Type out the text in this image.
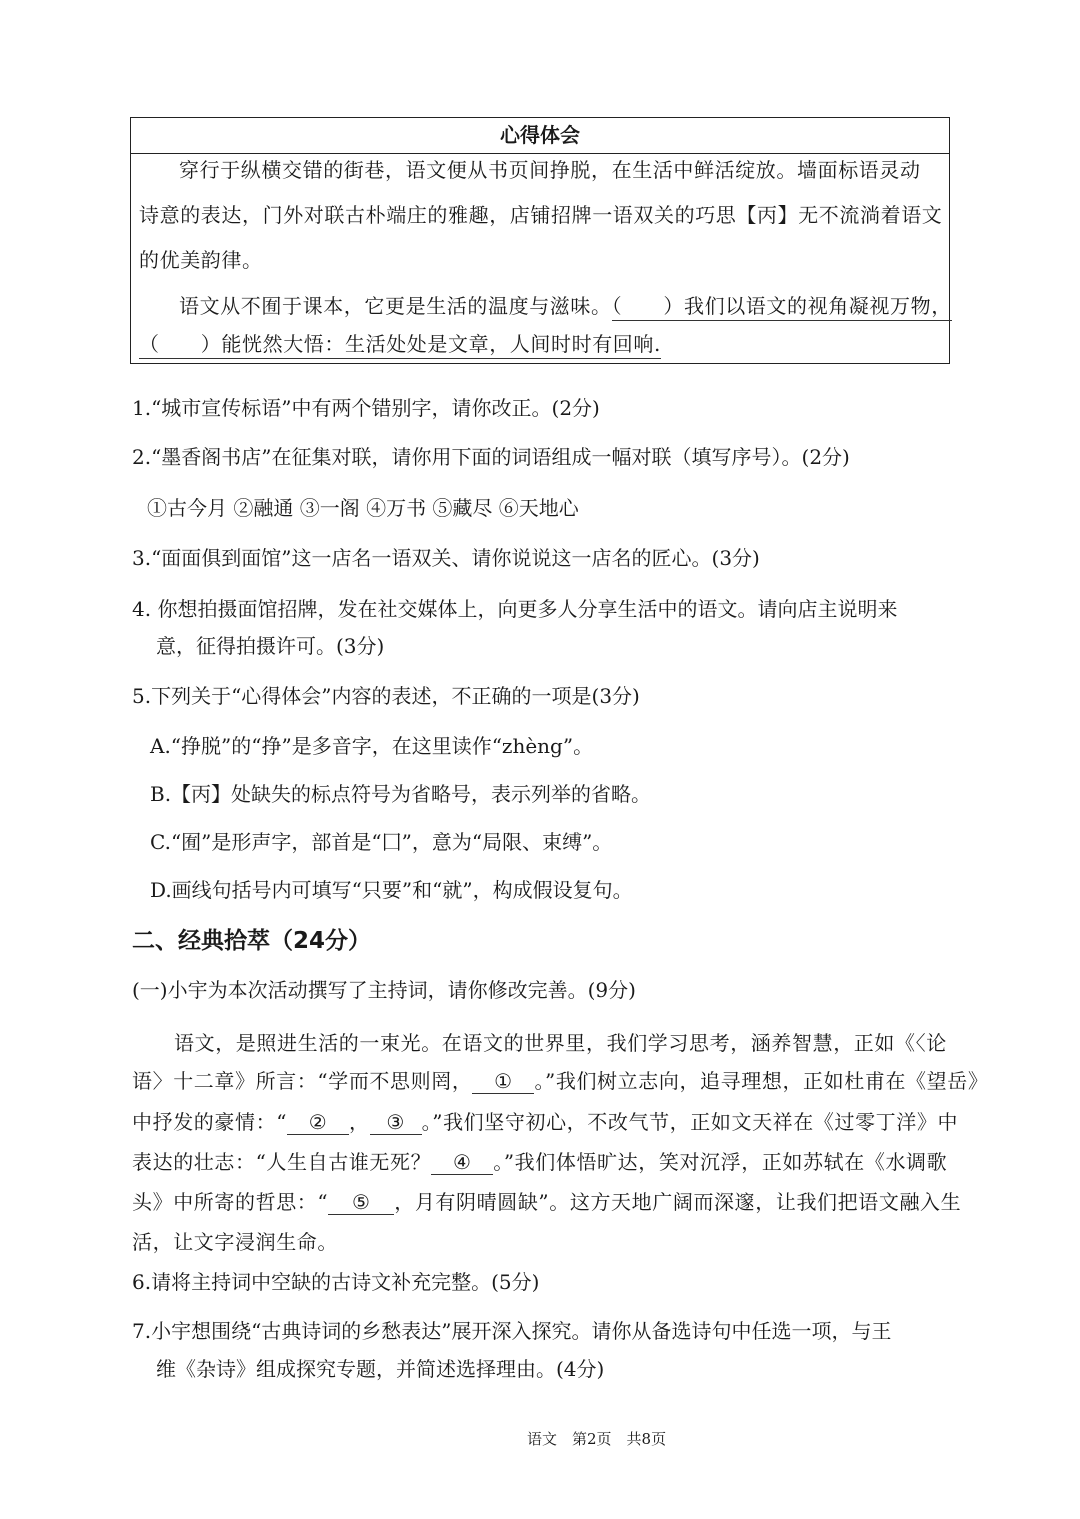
心得体会
穿行于纵横交错的街巷，语文便从书页间挣脱，在生活中鲜活绽放。墙面标语灵动
诗意的表达，门外对联古朴端庄的雅趣，店铺招牌一语双关的巧思【丙】无不流淌着语文
的优美韵律。
语文从不囿于课本，它更是生活的温度与滋味。（　　）我们以语文的视角凝视万物，
（　　）能恍然大悟：生活处处是文章，人间时时有回响.
1.“城市宣传标语”中有两个错别字，请你改正。(2分)
2.“墨香阁书店”在征集对联，请你用下面的词语组成一幅对联（填写序号）。(2分)
①古今月 ②融通 ③一阁 ④万书 ⑤藏尽 ⑥天地心
3.“面面俱到面馆”这一店名一语双关、请你说说这一店名的匠心。(3分)
4. 你想拍摄面馆招牌，发在社交媒体上，向更多人分享生活中的语文。请向店主说明来
意，征得拍摄许可。(3分)
5.下列关于“心得体会”内容的表述，不正确的一项是(3分)
A.“挣脱”的“挣”是多音字，在这里读作“zhèng”。
B.【丙】处缺失的标点符号为省略号，表示列举的省略。
C.“囿”是形声字，部首是“囗”，意为“局限、束缚”。
D.画线句括号内可填写“只要”和“就”，构成假设复句。
二、经典拾萃（24分）
(一)小宇为本次活动撰写了主持词，请你修改完善。(9分)
语文，是照进生活的一束光。在语文的世界里，我们学习思考，涵养智慧，正如《〈论
语〉十二章》所言：“学而不思则罔， ① 。”我们树立志向，追寻理想，正如杜甫在《望岳》
中抒发的豪情：“ ② ， ③ 。”我们坚守初心，不改气节，正如文天祥在《过零丁洋》中
表达的壮志：“人生自古谁无死？ ④ 。”我们体悟旷达，笑对沉浮，正如苏轼在《水调歌
头》中所寄的哲思：“ ⑤ ，月有阴晴圆缺”。这方天地广阔而深邃，让我们把语文融入生
活，让文字浸润生命。
6.请将主持词中空缺的古诗文补充完整。(5分)
7.小宇想围绕“古典诗词的乡愁表达”展开深入探究。请你从备选诗句中任选一项，与王
维《杂诗》组成探究专题，并简述选择理由。(4分)
语文　第2页　共8页
